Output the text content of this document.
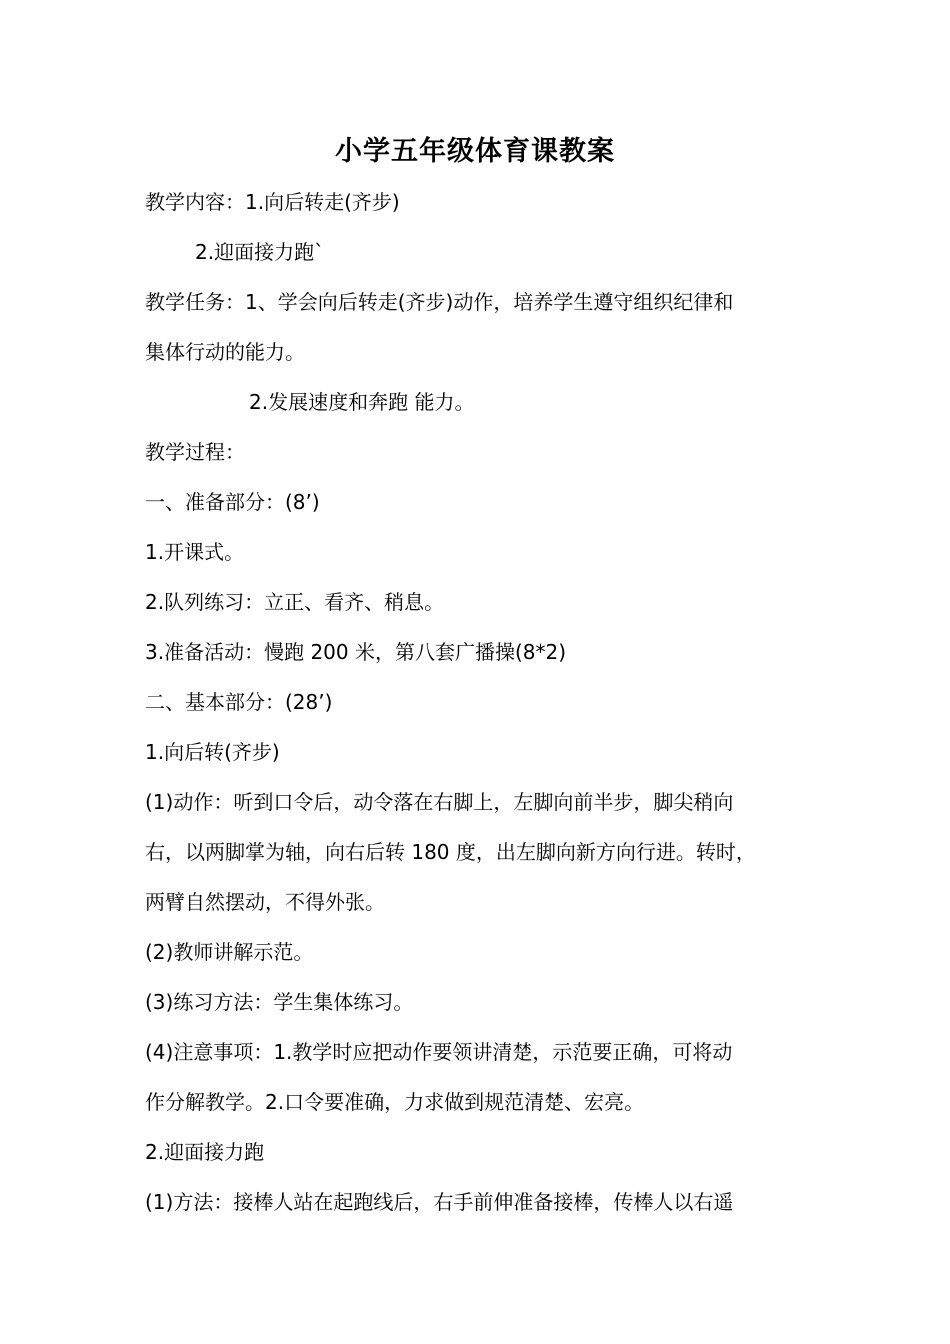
小学五年级体育课教案
教学内容：1.向后转走(齐步)
2.迎面接力跑`
教学任务：1、学会向后转走(齐步)动作，培养学生遵守组织纪律和
集体行动的能力。
2.发展速度和奔跑 能力。
教学过程：
一、准备部分：(8’)
1.开课式。
2.队列练习：立正、看齐、稍息。
3.准备活动：慢跑 200 米，第八套广播操(8*2)
二、基本部分：(28’)
1.向后转(齐步)
(1)动作：听到口令后，动令落在右脚上，左脚向前半步，脚尖稍向
右，以两脚掌为轴，向右后转 180 度，出左脚向新方向行进。转时，
两臂自然摆动，不得外张。
(2)教师讲解示范。
(3)练习方法：学生集体练习。
(4)注意事项：1.教学时应把动作要领讲清楚，示范要正确，可将动
作分解教学。2.口令要准确，力求做到规范清楚、宏亮。
2.迎面接力跑
(1)方法：接棒人站在起跑线后，右手前伸准备接棒，传棒人以右遥
